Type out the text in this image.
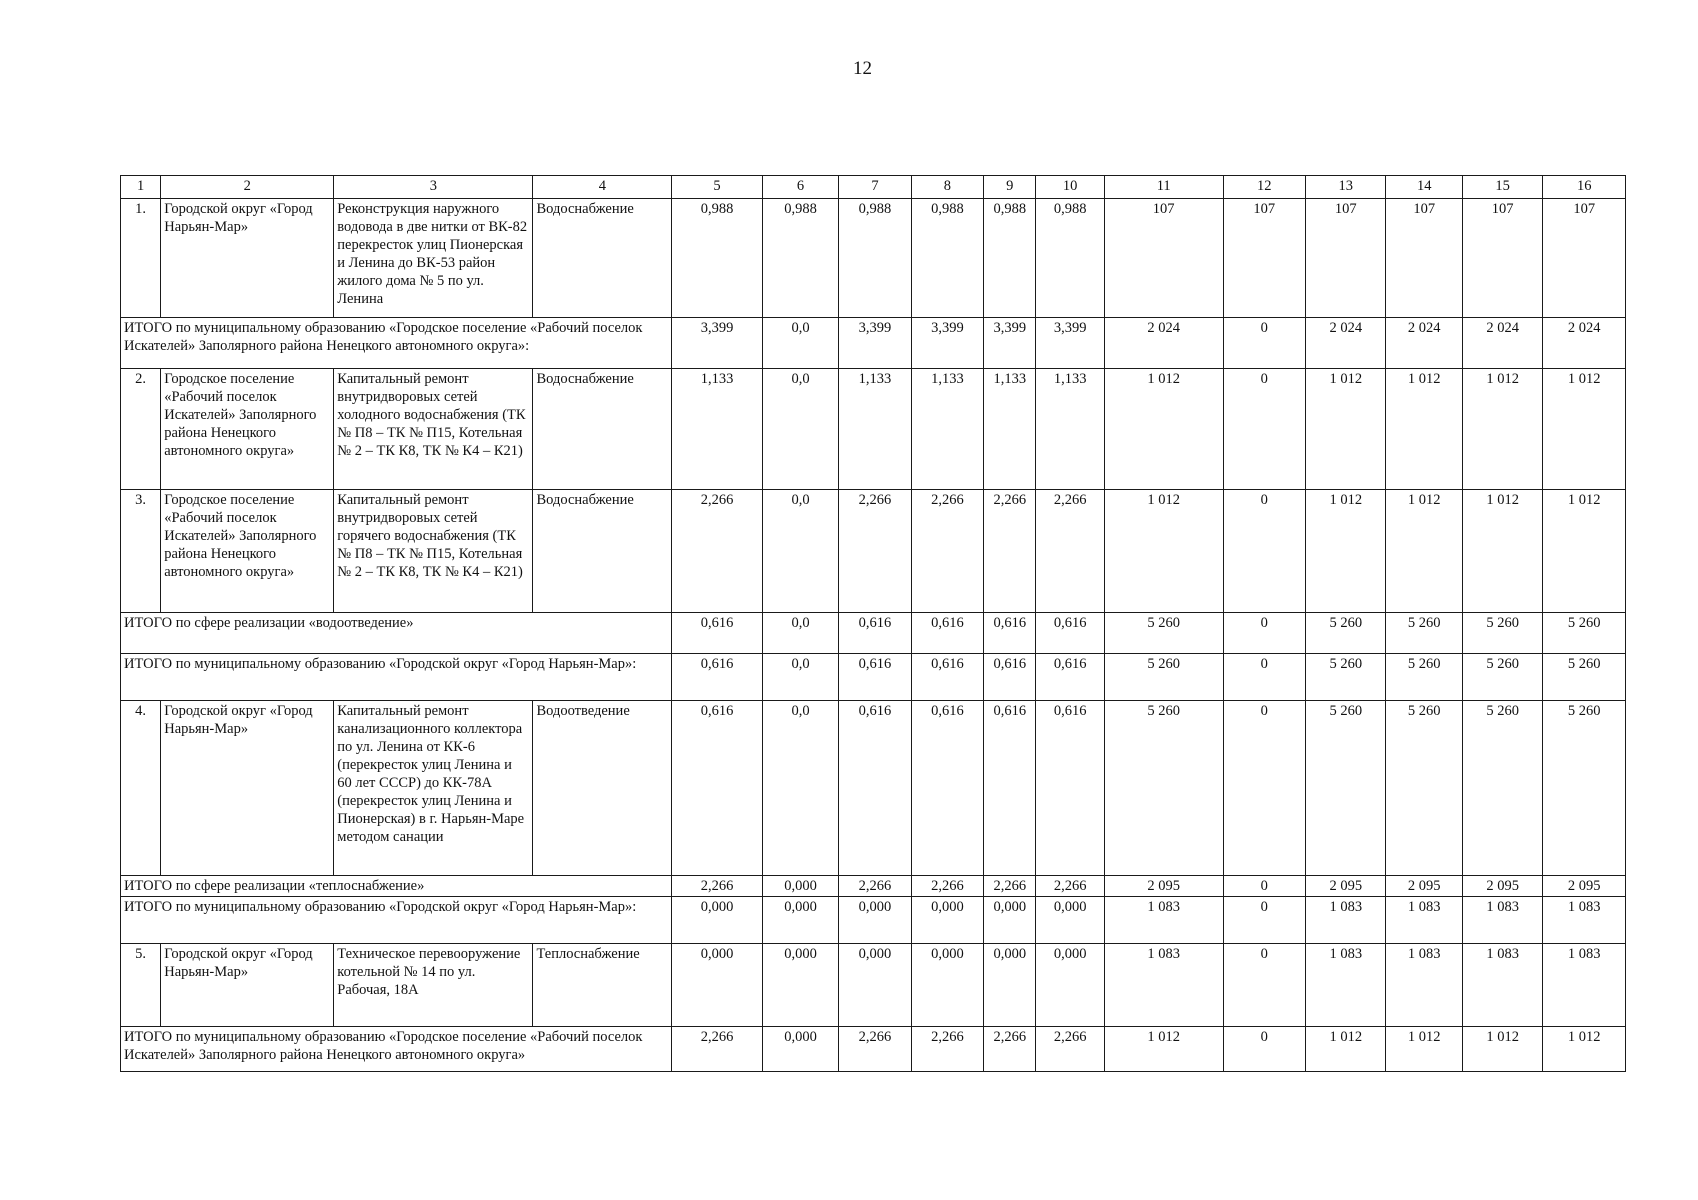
12
1	2	3	4	5	6	7	8	9	10	11	12	13	14	15	16
1.	Городской округ «Город Нарьян-Мар»	Реконструкция наружного водовода в две нитки от ВК-82 перекресток улиц Пионерская и Ленина до ВК-53 район жилого дома № 5 по ул. Ленина	Водоснабжение	0,988	0,988	0,988	0,988	0,988	0,988	107	107	107	107	107	107
ИТОГО по муниципальному образованию «Городское поселение «Рабочий поселок Искателей» Заполярного района Ненецкого автономного округа»:				3,399	0,0	3,399	3,399	3,399	3,399	2 024	0	2 024	2 024	2 024	2 024
2.	Городское поселение «Рабочий поселок Искателей» Заполярного района Ненецкого автономного округа»	Капитальный ремонт внутридворовых сетей холодного водоснабжения (ТК № П8 – ТК № П15, Котельная № 2 – ТК К8, ТК № К4 – К21)	Водоснабжение	1,133	0,0	1,133	1,133	1,133	1,133	1 012	0	1 012	1 012	1 012	1 012
3.	Городское поселение «Рабочий поселок Искателей» Заполярного района Ненецкого автономного округа»	Капитальный ремонт внутридворовых сетей горячего водоснабжения (ТК № П8 – ТК № П15, Котельная № 2 – ТК К8, ТК № К4 – К21)	Водоснабжение	2,266	0,0	2,266	2,266	2,266	2,266	1 012	0	1 012	1 012	1 012	1 012
ИТОГО по сфере реализации «водоотведение»				0,616	0,0	0,616	0,616	0,616	0,616	5 260	0	5 260	5 260	5 260	5 260
ИТОГО по муниципальному образованию «Городской округ «Город Нарьян-Мар»:				0,616	0,0	0,616	0,616	0,616	0,616	5 260	0	5 260	5 260	5 260	5 260
4.	Городской округ «Город Нарьян-Мар»	Капитальный ремонт канализационного коллектора по ул. Ленина от КК-6 (перекресток улиц Ленина и 60 лет СССР) до КК-78А (перекресток улиц Ленина и Пионерская) в г. Нарьян-Маре методом санации	Водоотведение	0,616	0,0	0,616	0,616	0,616	0,616	5 260	0	5 260	5 260	5 260	5 260
ИТОГО по сфере реализации «теплоснабжение»				2,266	0,000	2,266	2,266	2,266	2,266	2 095	0	2 095	2 095	2 095	2 095
ИТОГО по муниципальному образованию «Городской округ «Город Нарьян-Мар»:				0,000	0,000	0,000	0,000	0,000	0,000	1 083	0	1 083	1 083	1 083	1 083
5.	Городской округ «Город Нарьян-Мар»	Техническое перевооружение котельной № 14 по ул. Рабочая, 18А	Теплоснабжение	0,000	0,000	0,000	0,000	0,000	0,000	1 083	0	1 083	1 083	1 083	1 083
ИТОГО по муниципальному образованию «Городское поселение «Рабочий поселок Искателей» Заполярного района Ненецкого автономного округа»				2,266	0,000	2,266	2,266	2,266	2,266	1 012	0	1 012	1 012	1 012	1 012
